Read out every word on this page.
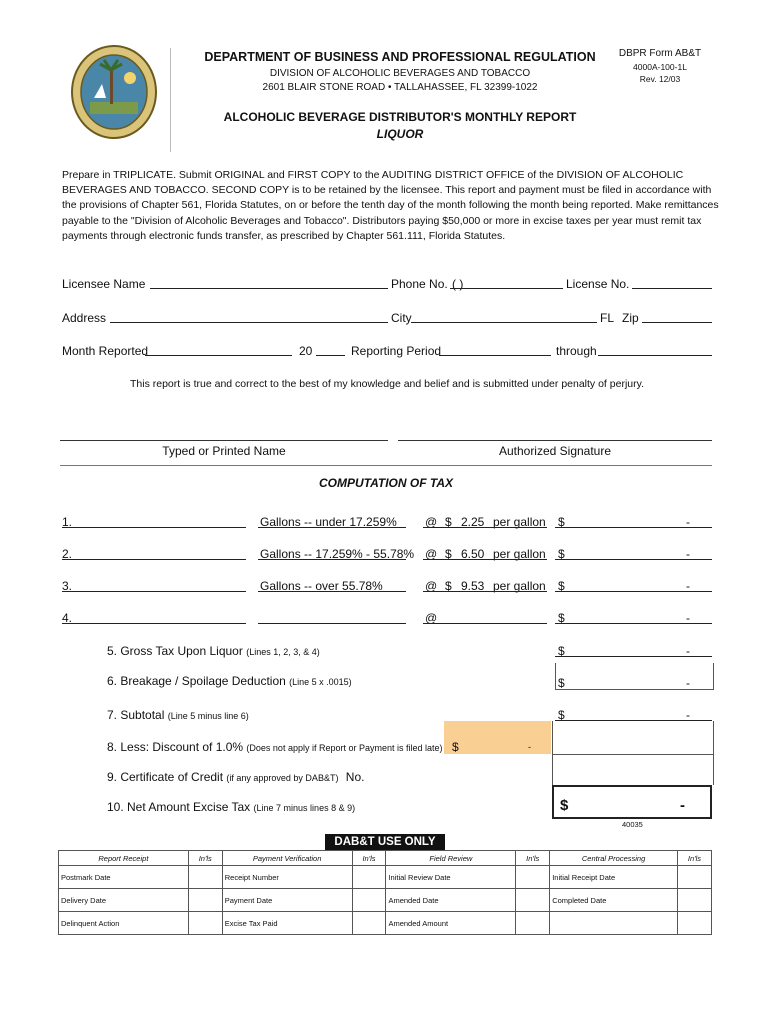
DEPARTMENT OF BUSINESS AND PROFESSIONAL REGULATION
DIVISION OF ALCOHOLIC BEVERAGES AND TOBACCO
2601 BLAIR STONE ROAD • TALLAHASSEE, FL 32399-1022
DBPR Form AB&T
4000A-100-1L
Rev. 12/03
ALCOHOLIC BEVERAGE DISTRIBUTOR'S MONTHLY REPORT
LIQUOR
Prepare in TRIPLICATE. Submit ORIGINAL and FIRST COPY to the AUDITING DISTRICT OFFICE of the DIVISION OF ALCOHOLIC BEVERAGES AND TOBACCO. SECOND COPY is to be retained by the licensee. This report and payment must be filed in accordance with the provisions of Chapter 561, Florida Statutes, on or before the tenth day of the month following the month being reported. Make remittances payable to the "Division of Alcoholic Beverages and Tobacco". Distributors paying $50,000 or more in excise taxes per year must remit tax payments through electronic funds transfer, as prescribed by Chapter 561.111, Florida Statutes.
Licensee Name	Phone No. ( )	License No.
Address	City	FL Zip
Month Reported	20	Reporting Period	through
This report is true and correct to the best of my knowledge and belief and is submitted under penalty of perjury.
Typed or Printed Name	Authorized Signature
COMPUTATION OF TAX
1.	Gallons -- under 17.259% @ $ 2.25 per gallon $	-
2.	Gallons -- 17.259% - 55.78% @ $ 6.50 per gallon $	-
3.	Gallons -- over 55.78%	@ $ 9.53 per gallon $	-
4.	@	$	-
5. Gross Tax Upon Liquor (Lines 1, 2, 3, & 4)	$	-
6. Breakage / Spoilage Deduction (Line 5 x .0015)	$	-
7. Subtotal (Line 5 minus line 6)	$	-
8. Less: Discount of 1.0% (Does not apply if Report or Payment is filed late) $	-
9. Certificate of Credit (if any approved by DAB&T) No.
10. Net Amount Excise Tax (Line 7 minus lines 8 & 9)	$	-
40035
DAB&T USE ONLY
Report Receipt	In'ls	Payment Verification	In'ls	Field Review	In'ls	Central Processing	In'ls
Postmark Date		Receipt Number		Initial Review Date		Initial Receipt Date	
Delivery Date		Payment Date		Amended Date		Completed Date	
Delinquent Action		Excise Tax Paid		Amended Amount			
